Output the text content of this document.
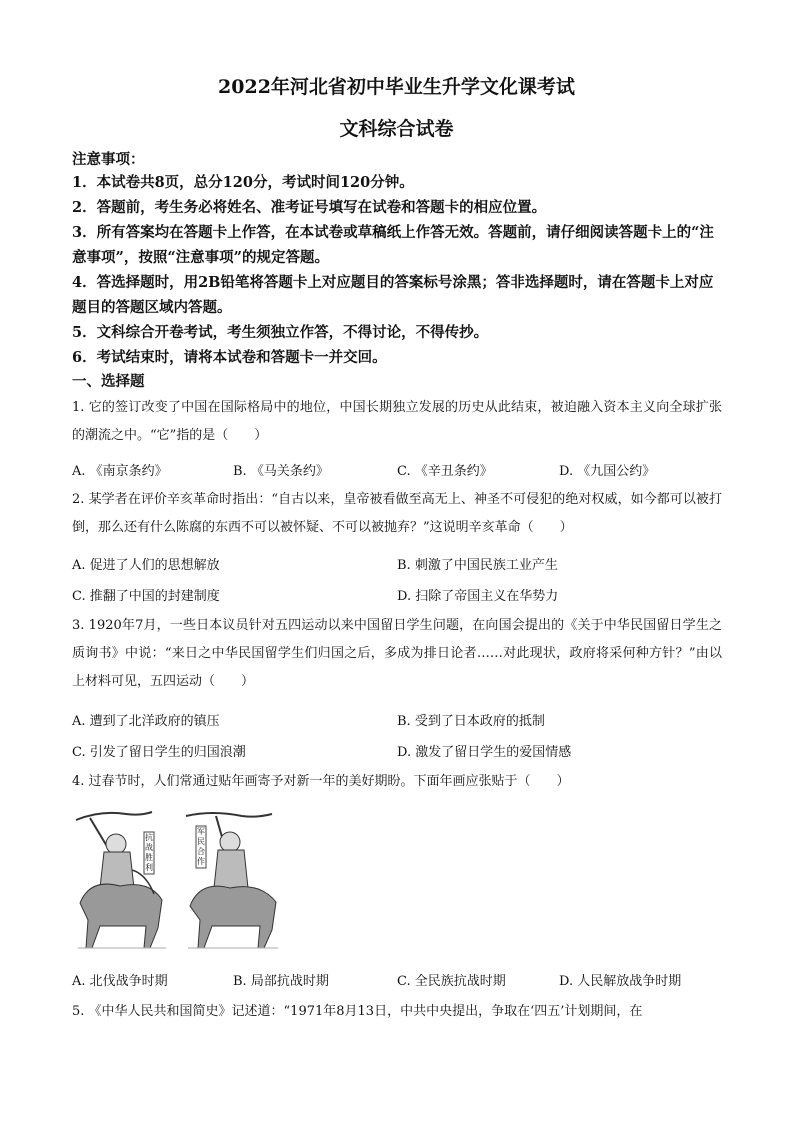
2022年河北省初中毕业生升学文化课考试
文科综合试卷
注意事项：
1．本试卷共8页，总分120分，考试时间120分钟。
2．答题前，考生务必将姓名、准考证号填写在试卷和答题卡的相应位置。
3．所有答案均在答题卡上作答，在本试卷或草稿纸上作答无效。答题前，请仔细阅读答题卡上的“注意事项”，按照“注意事项”的规定答题。
4．答选择题时，用2B铅笔将答题卡上对应题目的答案标号涂黑；答非选择题时，请在答题卡上对应题目的答题区域内答题。
5．文科综合开卷考试，考生须独立作答，不得讨论，不得传抄。
6．考试结束时，请将本试卷和答题卡一并交回。
一、选择题
1. 它的签订改变了中国在国际格局中的地位，中国长期独立发展的历史从此结束，被迫融入资本主义向全球扩张的潮流之中。“它”指的是（　　）
A. 《南京条约》	B. 《马关条约》	C. 《辛丑条约》	D. 《九国公约》
2. 某学者在评价辛亥革命时指出：“自古以来，皇帝被看做至高无上、神圣不可侵犯的绝对权威，如今都可以被打倒，那么还有什么陈腐的东西不可以被怀疑、不可以被抛弃？”这说明辛亥革命（　　）
A. 促进了人们的思想解放	B. 刺激了中国民族工业产生
C. 推翻了中国的封建制度	D. 扫除了帝国主义在华势力
3. 1920年7月，一些日本议员针对五四运动以来中国留日学生问题，在向国会提出的《关于中华民国留日学生之质询书》中说：“来日之中华民国留学生们归国之后，多成为排日论者……对此现状，政府将采何种方针？”由以上材料可见，五四运动（　　）
A. 遭到了北洋政府的镇压	B. 受到了日本政府的抵制
C. 引发了留日学生的归国浪潮	D. 激发了留日学生的爱国情感
4. 过春节时，人们常通过贴年画寄予对新一年的美好期盼。下面年画应张贴于（　　）
抗
战
胜
利
军
民
合
作
A. 北伐战争时期	B. 局部抗战时期	C. 全民族抗战时期	D. 人民解放战争时期
5. 《中华人民共和国简史》记述道：“1971年8月13日，中共中央提出，争取在‘四五’计划期间，在
